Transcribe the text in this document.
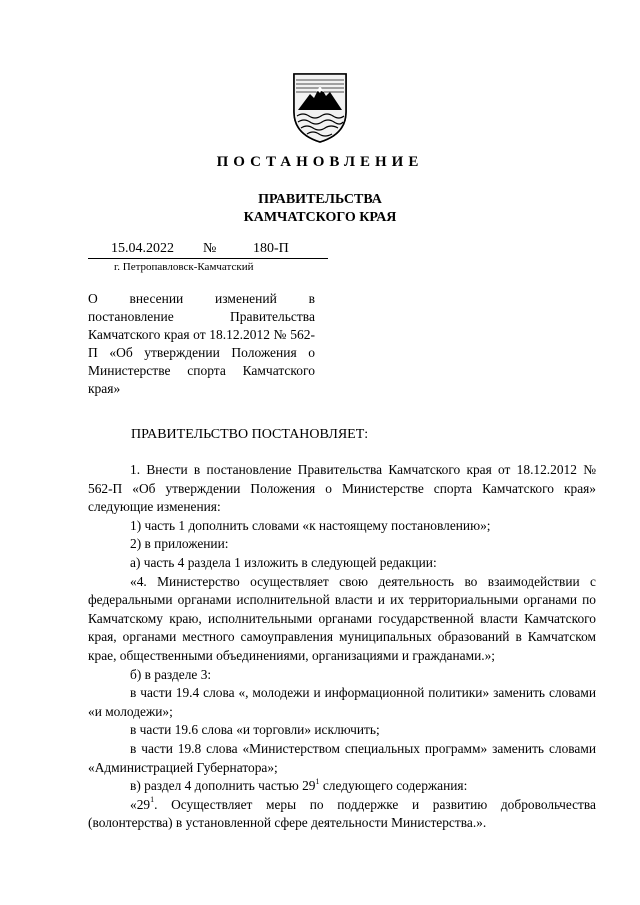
ПОСТАНОВЛЕНИЕ
ПРАВИТЕЛЬСТВА
КАМЧАТСКОГО КРАЯ
15.04.2022 №	180-П
г. Петропавловск-Камчатский
О внесении изменений в постановление Правительства Камчатского края от 18.12.2012 № 562-П «Об утверждении Положения о Министерстве спорта Камчатского края»
ПРАВИТЕЛЬСТВО ПОСТАНОВЛЯЕТ:

1. Внести в постановление Правительства Камчатского края от 18.12.2012 № 562-П «Об утверждении Положения о Министерстве спорта Камчатского края» следующие изменения:

1) часть 1 дополнить словами «к настоящему постановлению»;

2) в приложении:

а) часть 4 раздела 1 изложить в следующей редакции:

«4. Министерство осуществляет свою деятельность во взаимодействии с федеральными органами исполнительной власти и их территориальными органами по Камчатскому краю, исполнительными органами государственной власти Камчатского края, органами местного самоуправления муниципальных образований в Камчатском крае, общественными объединениями, организациями и гражданами.»;

б) в разделе 3:

в части 19.4 слова «, молодежи и информационной политики» заменить словами «и молодежи»;

в части 19.6 слова «и торговли» исключить;

в части 19.8 слова «Министерством специальных программ» заменить словами «Администрацией Губернатора»;

в) раздел 4 дополнить частью $29^1$ следующего содержания:

«$29^1$. Осуществляет меры по поддержке и развитию добровольчества (волонтерства) в установленной сфере деятельности Министерства.».
